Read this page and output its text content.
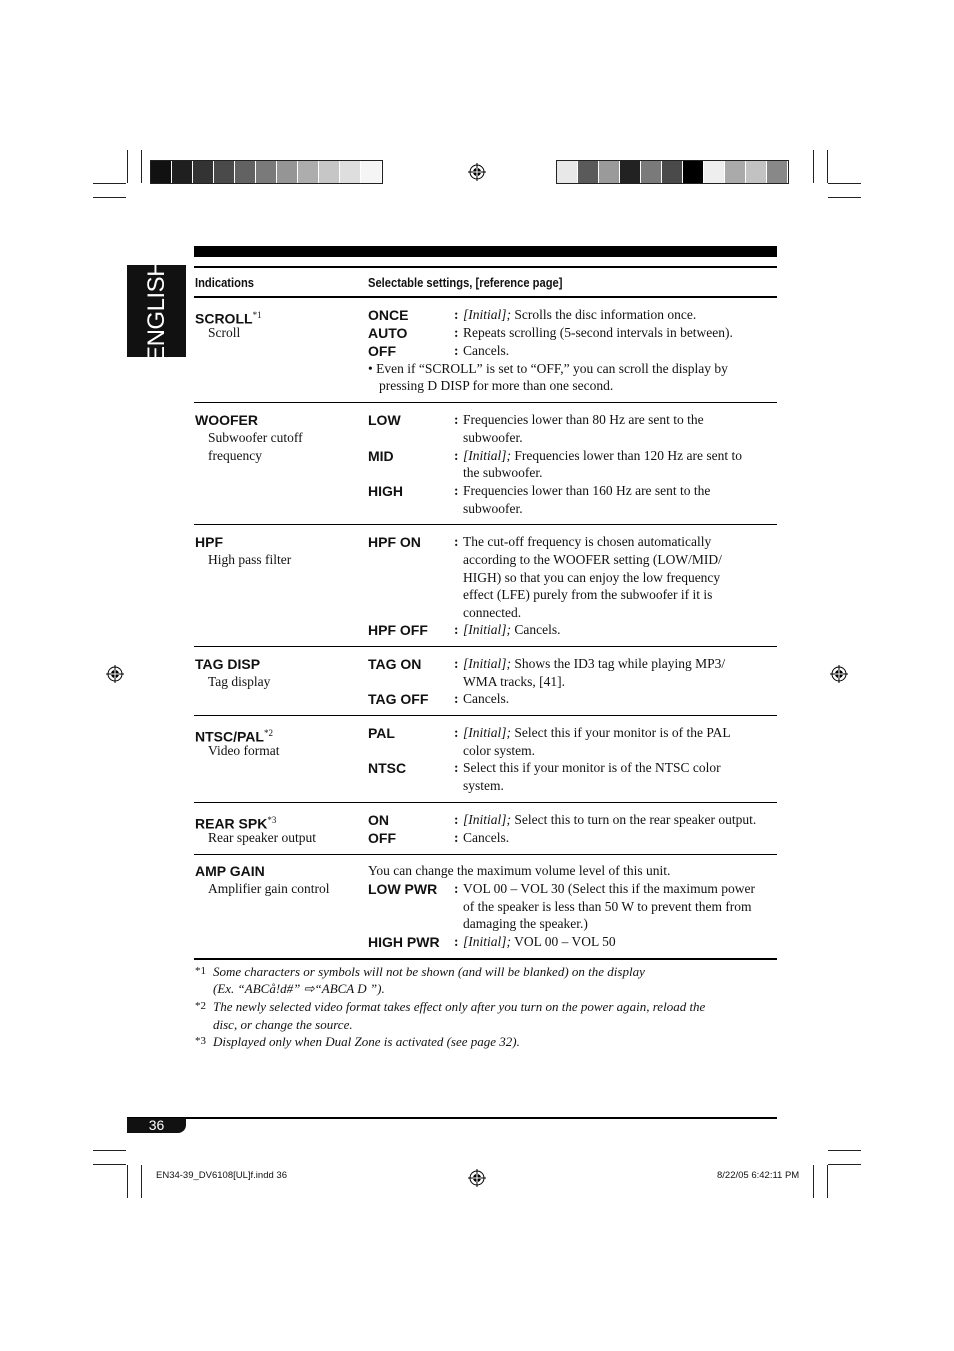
ENGLISH Indications	Selectable settings, [reference page]
SCROLL$^{*1}$
Scroll
ONCE	: [Initial]; Scrolls the disc information once.
AUTO	: Repeats scrolling (5-second intervals in between).
OFF	: Cancels.
• Even if “SCROLL” is set to “OFF,” you can scroll the display by
pressing D DISP for more than one second.
WOOFER
Subwoofer cutoff
frequency
LOW	: Frequencies lower than 80 Hz are sent to the
subwoofer.
MID	: [Initial]; Frequencies lower than 120 Hz are sent to
the subwoofer.
HIGH	: Frequencies lower than 160 Hz are sent to the
subwoofer.
HPF
High pass filter
HPF ON : The cut-off frequency is chosen automatically
according to the WOOFER setting (LOW/MID/
HIGH) so that you can enjoy the low frequency
effect (LFE) purely from the subwoofer if it is
connected.
HPF OFF : [Initial]; Cancels.
TAG DISP
Tag display
TAG ON : [Initial]; Shows the ID3 tag while playing MP3/
WMA tracks, [41].
TAG OFF : Cancels.
NTSC/PAL$^{*2}$
Video format
PAL	: [Initial]; Select this if your monitor is of the PAL
color system.
NTSC	: Select this if your monitor is of the NTSC color
system.
REAR SPK$^{*3}$
Rear speaker output
ON	: [Initial]; Select this to turn on the rear speaker output.
OFF	: Cancels.
AMP GAIN
Amplifier gain control
You can change the maximum volume level of this unit.
LOW PWR : VOL 00 – VOL 30 (Select this if the maximum power
of the speaker is less than 50 W to prevent them from
damaging the speaker.)
HIGH PWR : [Initial]; VOL 00 – VOL 50
*1 Some characters or symbols will not be shown (and will be blanked) on the display
(Ex. “ABCå!d#” ⇨“ABCA D ”).
*2 The newly selected video format takes effect only after you turn on the power again, reload the
disc, or change the source.
*3 Displayed only when Dual Zone is activated (see page 32).
36
EN34-39_DV6108[UL]f.indd 36	8/22/05 6:42:11 PM
